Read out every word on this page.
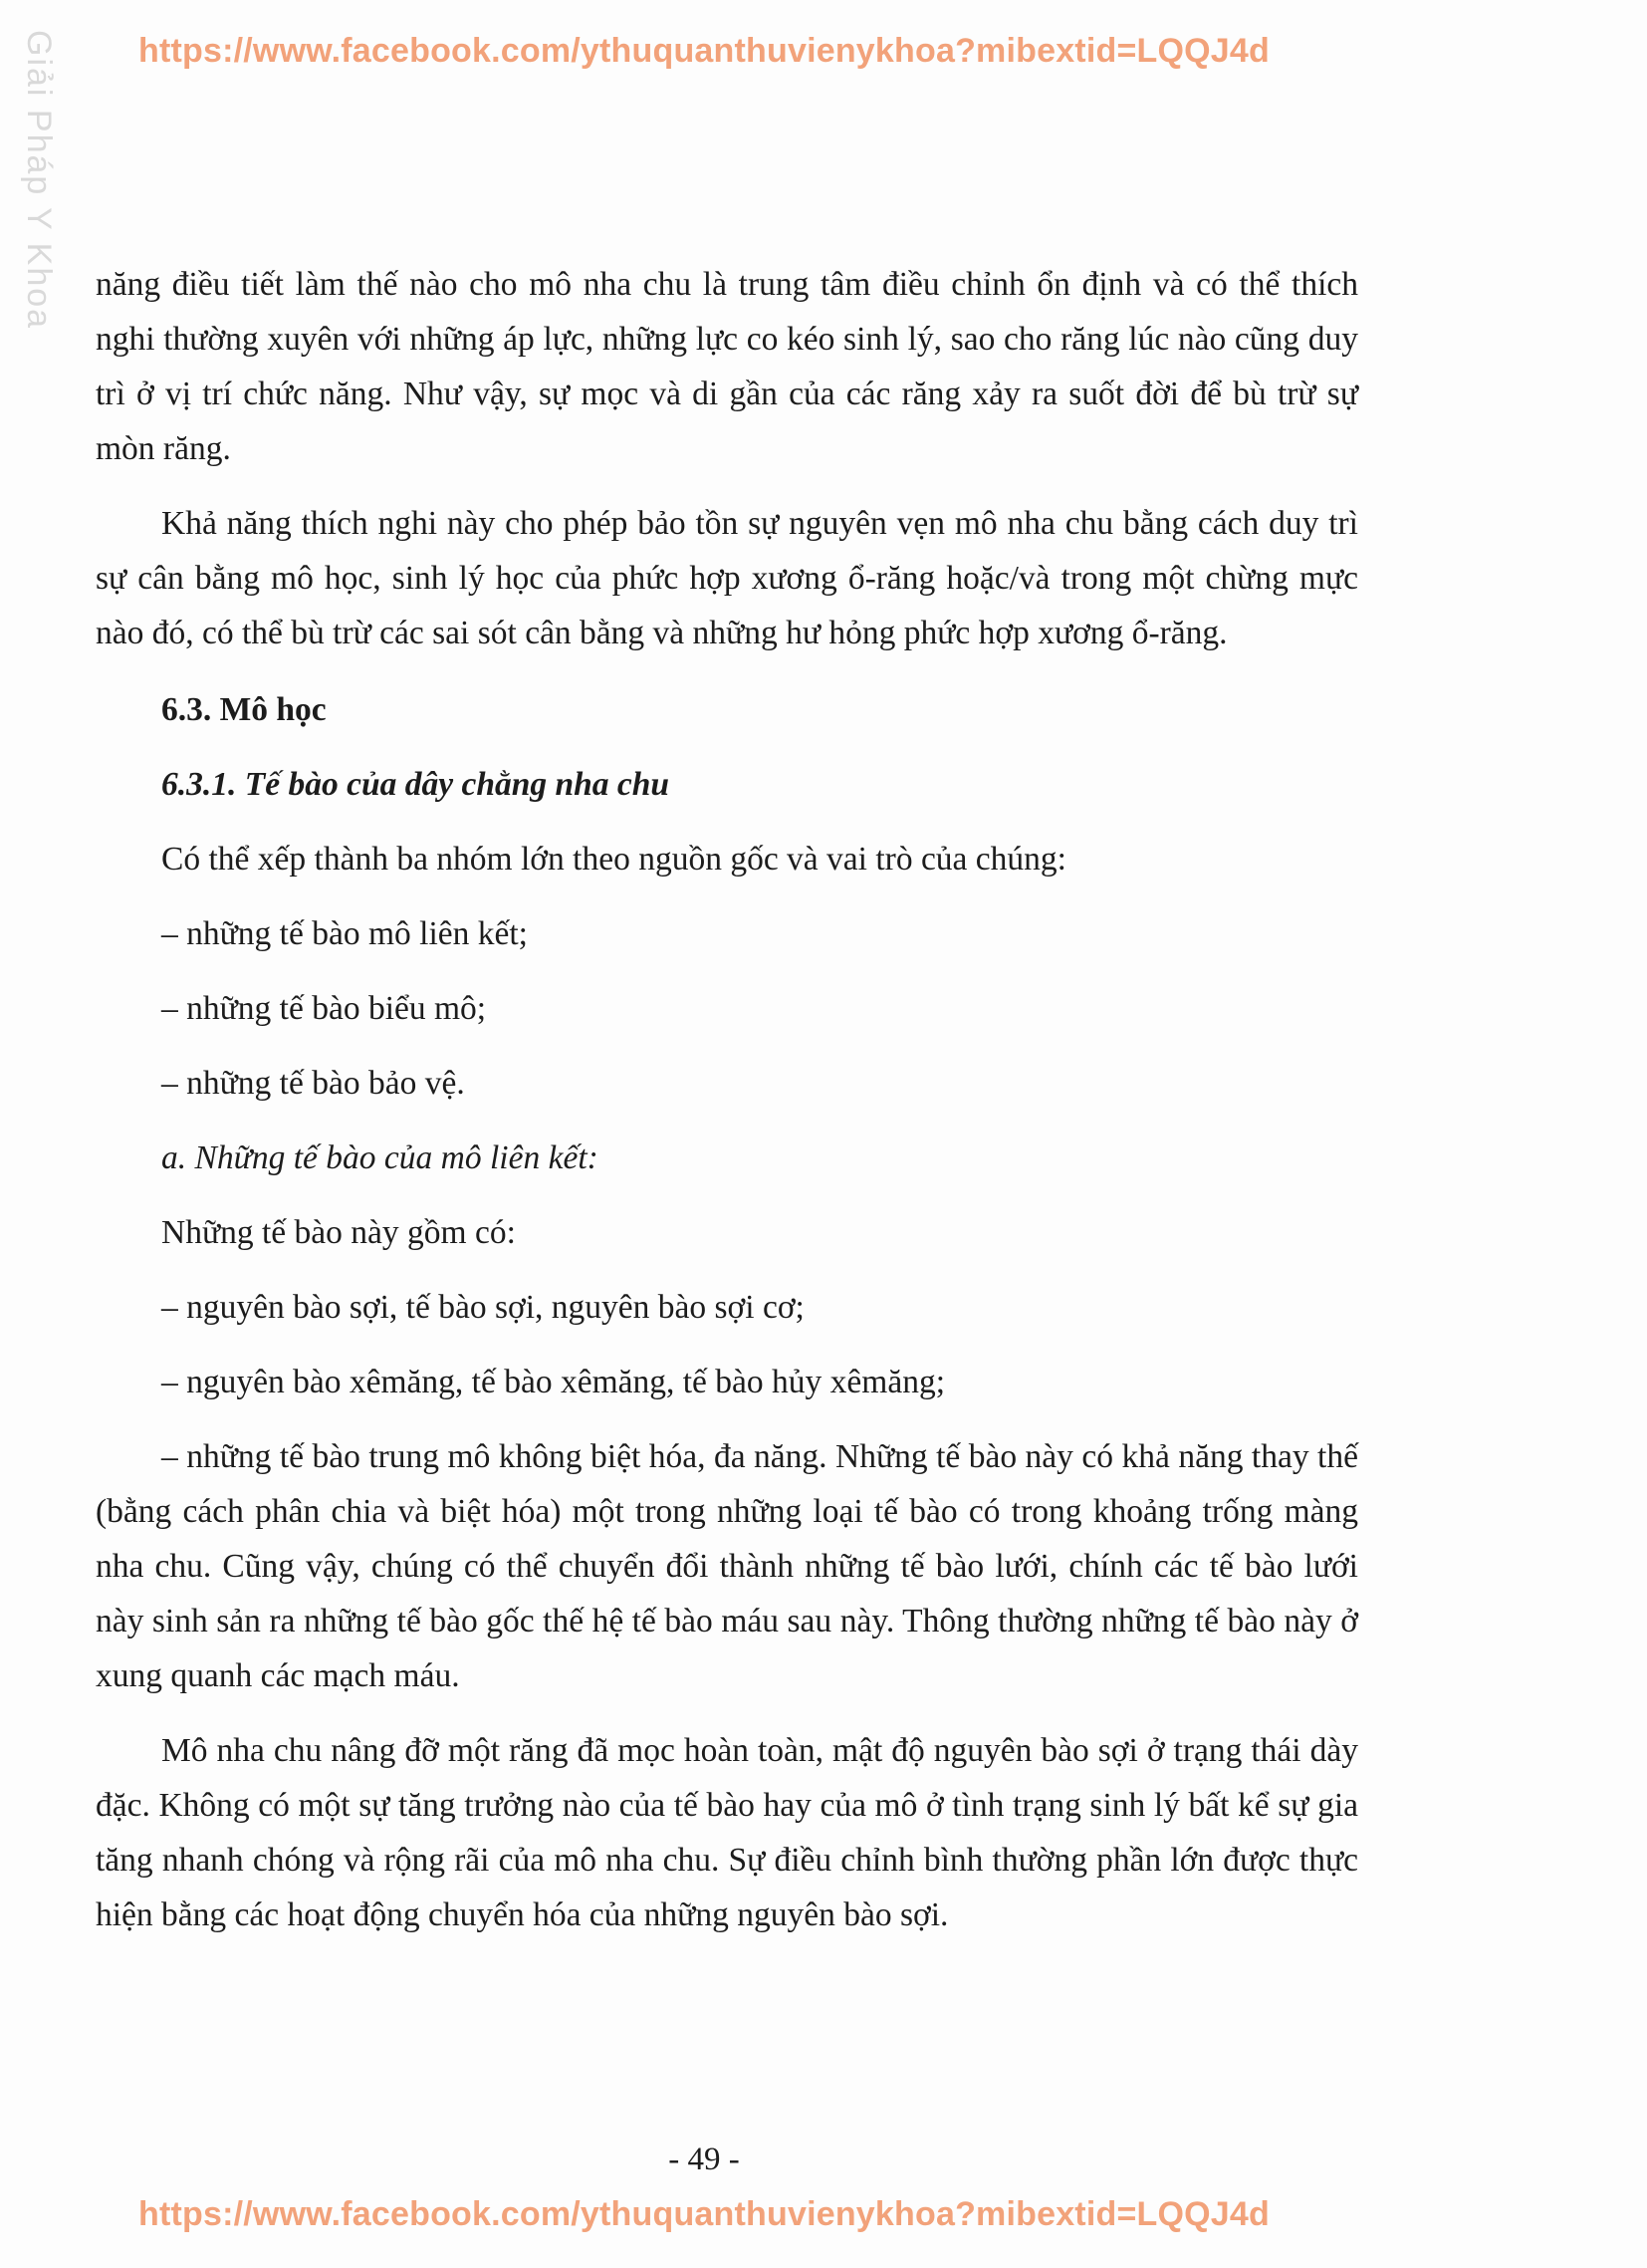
Giải Pháp Y Khoa	https://www.facebook.com/ythuquanthuvienykhoa?mibextid=LQQJ4d

năng điều tiết làm thế nào cho mô nha chu là trung tâm điều chỉnh ổn định và có thể thích nghi thường xuyên với những áp lực, những lực co kéo sinh lý, sao cho răng lúc nào cũng duy trì ở vị trí chức năng. Như vậy, sự mọc và di gần của các răng xảy ra suốt đời để bù trừ sự mòn răng.

Khả năng thích nghi này cho phép bảo tồn sự nguyên vẹn mô nha chu bằng cách duy trì sự cân bằng mô học, sinh lý học của phức hợp xương ổ-răng hoặc/và trong một chừng mực nào đó, có thể bù trừ các sai sót cân bằng và những hư hỏng phức hợp xương ổ-răng.

6.3. Mô học
6.3.1. Tế bào của dây chằng nha chu
Có thể xếp thành ba nhóm lớn theo nguồn gốc và vai trò của chúng:
– những tế bào mô liên kết;
– những tế bào biểu mô;
– những tế bào bảo vệ.
a. Những tế bào của mô liên kết:
Những tế bào này gồm có:
– nguyên bào sợi, tế bào sợi, nguyên bào sợi cơ;
– nguyên bào xêmăng, tế bào xêmăng, tế bào hủy xêmăng;

– những tế bào trung mô không biệt hóa, đa năng. Những tế bào này có khả năng thay thế (bằng cách phân chia và biệt hóa) một trong những loại tế bào có trong khoảng trống màng nha chu. Cũng vậy, chúng có thể chuyển đổi thành những tế bào lưới, chính các tế bào lưới này sinh sản ra những tế bào gốc thế hệ tế bào máu sau này. Thông thường những tế bào này ở xung quanh các mạch máu.

Mô nha chu nâng đỡ một răng đã mọc hoàn toàn, mật độ nguyên bào sợi ở trạng thái dày đặc. Không có một sự tăng trưởng nào của tế bào hay của mô ở tình trạng sinh lý bất kể sự gia tăng nhanh chóng và rộng rãi của mô nha chu. Sự điều chỉnh bình thường phần lớn được thực hiện bằng các hoạt động chuyển hóa của những nguyên bào sợi.

- 49 -
https://www.facebook.com/ythuquanthuvienykhoa?mibextid=LQQJ4d
